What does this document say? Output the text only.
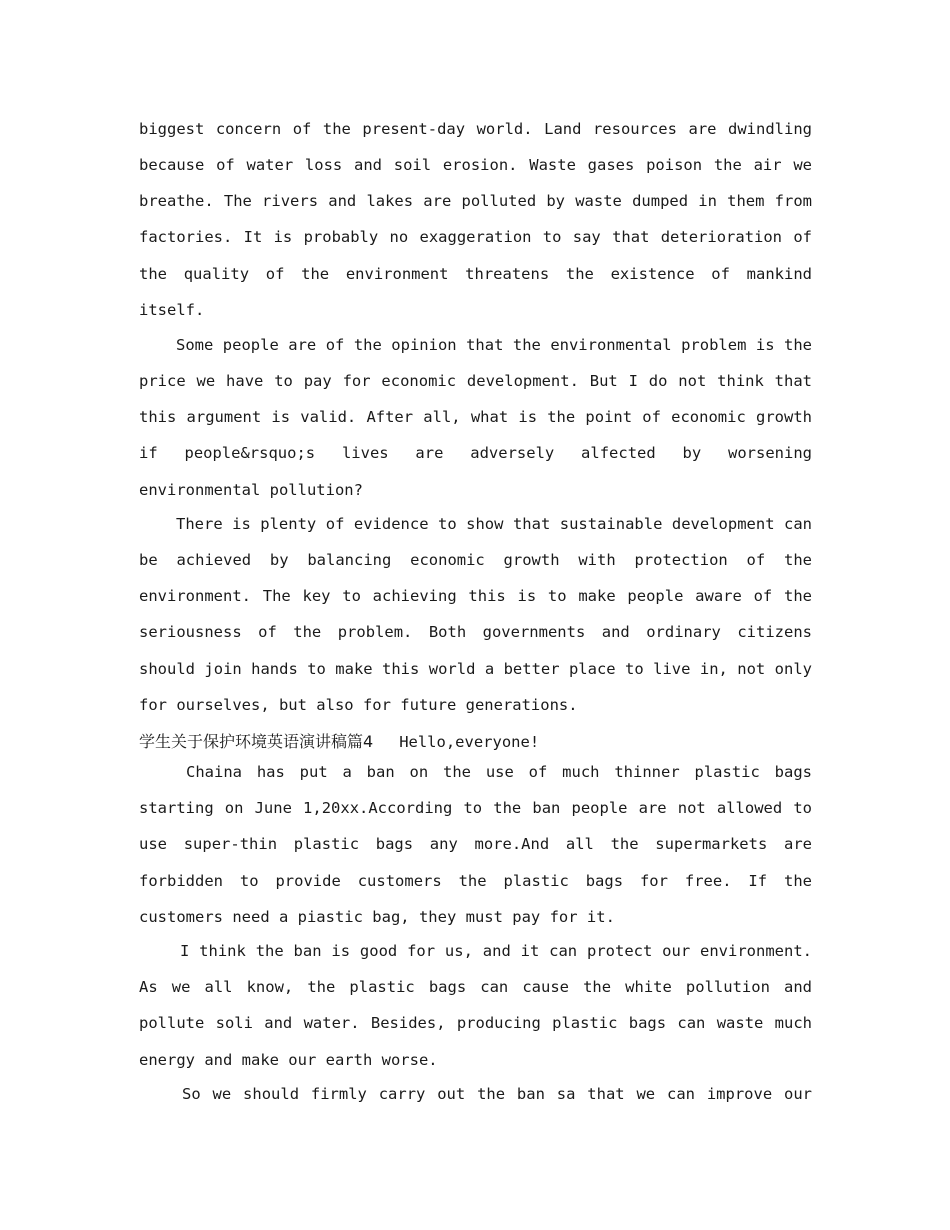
biggest concern of the present-day world. Land resources are dwindling
because of water loss and soil erosion. Waste gases poison the air we
breathe. The rivers and lakes are polluted by waste dumped in them from
factories. It is probably no exaggeration to say that deterioration of
the quality of the environment threatens the existence of mankind
itself.
Some people are of the opinion that the environmental problem is the
price we have to pay for economic development. But I do not think that
this argument is valid. After all, what is the point of economic growth
if people&rsquo;s lives are adversely alfected by worsening
environmental pollution?
There is plenty of evidence to show that sustainable development can
be achieved by balancing economic growth with protection of the
environment. The key to achieving this is to make people aware of the
seriousness of the problem. Both governments and ordinary citizens
should join hands to make this world a better place to live in, not only
for ourselves, but also for future generations.
学生关于保护环境英语演讲稿篇4 Hello,everyone!
Chaina has put a ban on the use of much thinner plastic bags
starting on June 1,20xx.According to the ban people are not allowed to
use super-thin plastic bags any more.And all the supermarkets are
forbidden to provide customers the plastic bags for free. If the
customers need a piastic bag, they must pay for it.
I think the ban is good for us, and it can protect our environment.
As we all know, the plastic bags can cause the white pollution and
pollute soli and water. Besides, producing plastic bags can waste much
energy and make our earth worse.
So we should firmly carry out the ban sa that we can improve our
